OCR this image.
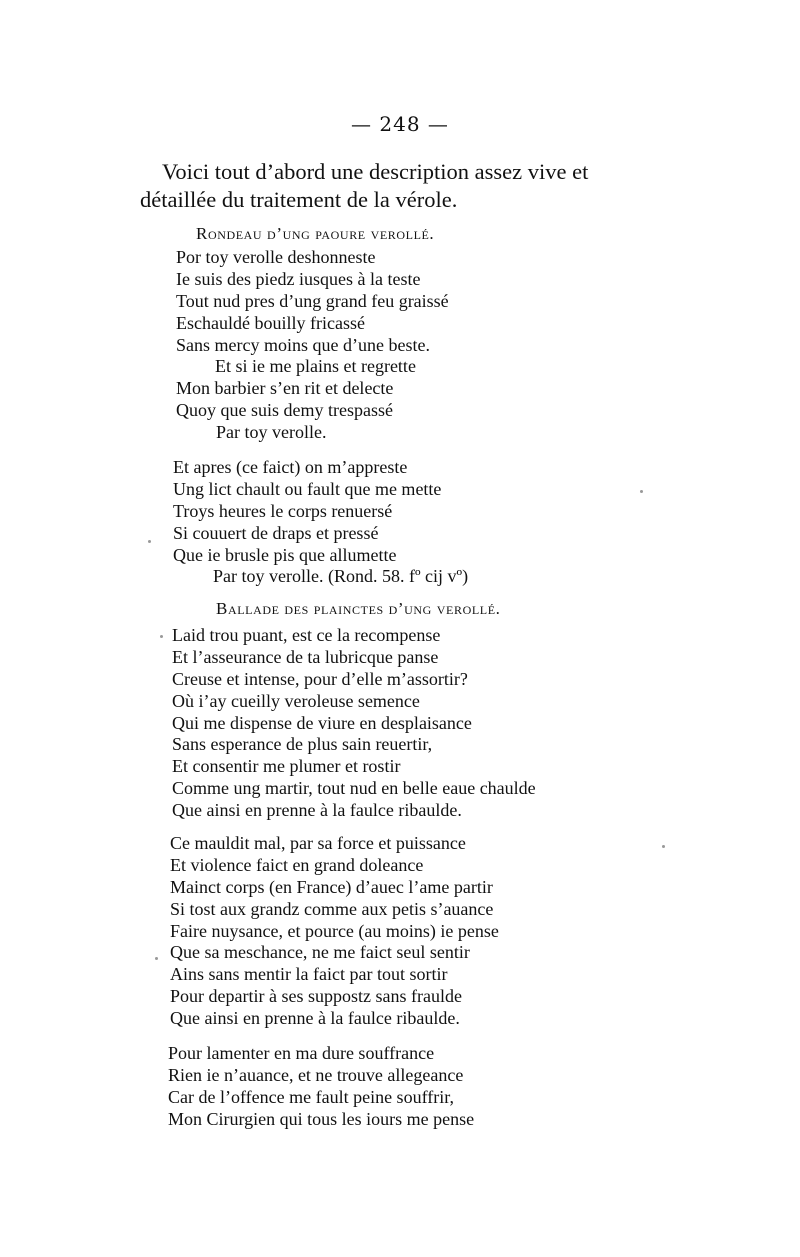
— 248 —
Voici tout d’abord une description assez vive et
détaillée du traitement de la vérole.
Rondeau d’ung paoure verollé.
Por toy verolle deshonneste
Ie suis des piedz iusques à la teste
Tout nud pres d’ung grand feu graissé
Eschauldé bouilly fricassé
Sans mercy moins que d’une beste.
Et si ie me plains et regrette
Mon barbier s’en rit et delecte
Quoy que suis demy trespassé
Par toy verolle.
Et apres (ce faict) on m’appreste
Ung lict chault ou fault que me mette
Troys heures le corps renuersé
Si couuert de draps et pressé
Que ie brusle pis que allumette
Par toy verolle. (Rond. 58. fº cij vº)
Ballade des plainctes d’ung verollé.
Laid trou puant, est ce la recompense
Et l’asseurance de ta lubricque panse
Creuse et intense, pour d’elle m’assortir?
Où i’ay cueilly veroleuse semence
Qui me dispense de viure en desplaisance
Sans esperance de plus sain reuertir,
Et consentir me plumer et rostir
Comme ung martir, tout nud en belle eaue chaulde
Que ainsi en prenne à la faulce ribaulde.
Ce mauldit mal, par sa force et puissance
Et violence faict en grand doleance
Mainct corps (en France) d’auec l’ame partir
Si tost aux grandz comme aux petis s’auance
Faire nuysance, et pource (au moins) ie pense
Que sa meschance, ne me faict seul sentir
Ains sans mentir la faict par tout sortir
Pour departir à ses suppostz sans fraulde
Que ainsi en prenne à la faulce ribaulde.
Pour lamenter en ma dure souffrance
Rien ie n’auance, et ne trouve allegeance
Car de l’offence me fault peine souffrir,
Mon Cirurgien qui tous les iours me pense
